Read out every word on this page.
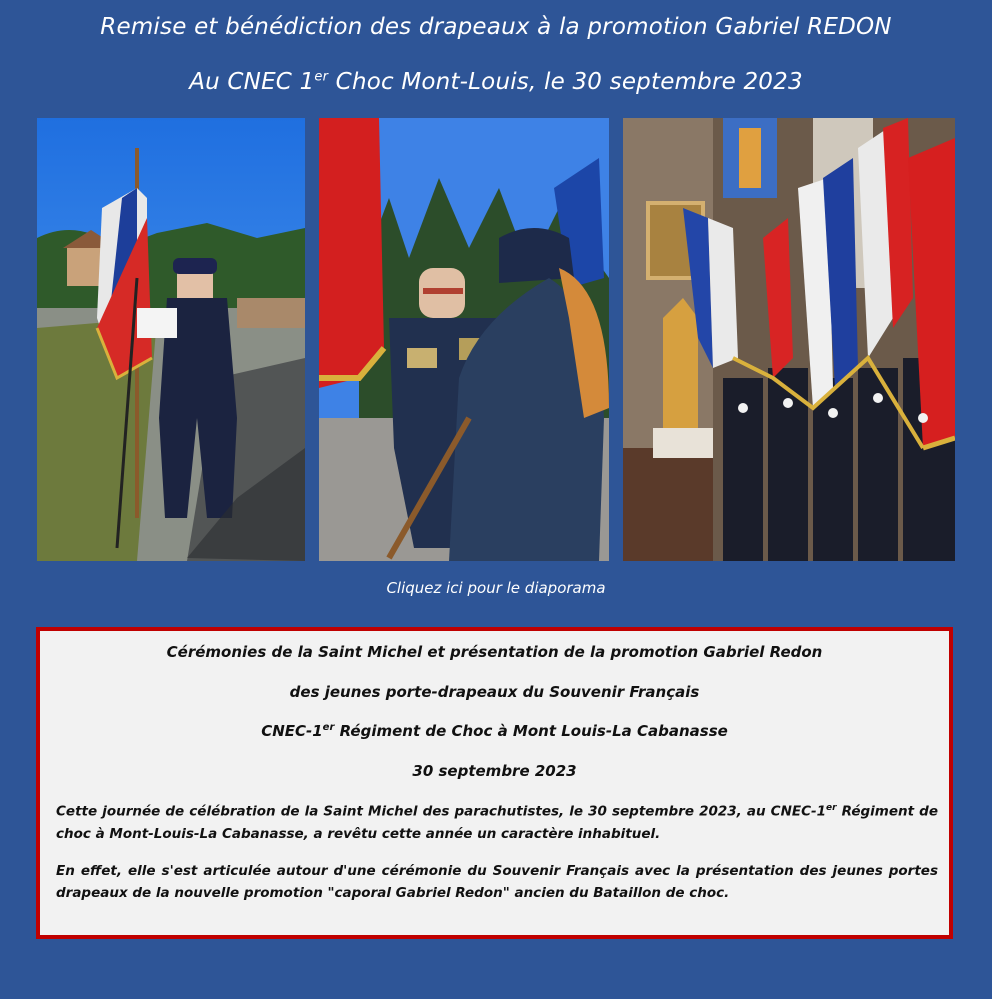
Remise et bénédiction des drapeaux à la promotion Gabriel REDON
Au CNEC 1er Choc Mont-Louis, le 30 septembre 2023
Cliquez ici pour le diaporama
Cérémonies de la Saint Michel et présentation de la promotion Gabriel Redon
des jeunes porte-drapeaux du Souvenir Français
CNEC-1er Régiment de Choc à Mont Louis-La Cabanasse
30 septembre 2023
Cette journée de célébration de la Saint Michel des parachutistes, le 30 septembre 2023, au CNEC-1er Régiment de choc à Mont-Louis-La Cabanasse, a revêtu cette année un caractère inhabituel.
En effet, elle s'est articulée autour d'une cérémonie du Souvenir Français avec la présentation des jeunes portes drapeaux de la nouvelle promotion "caporal Gabriel Redon" ancien du Bataillon de choc.
